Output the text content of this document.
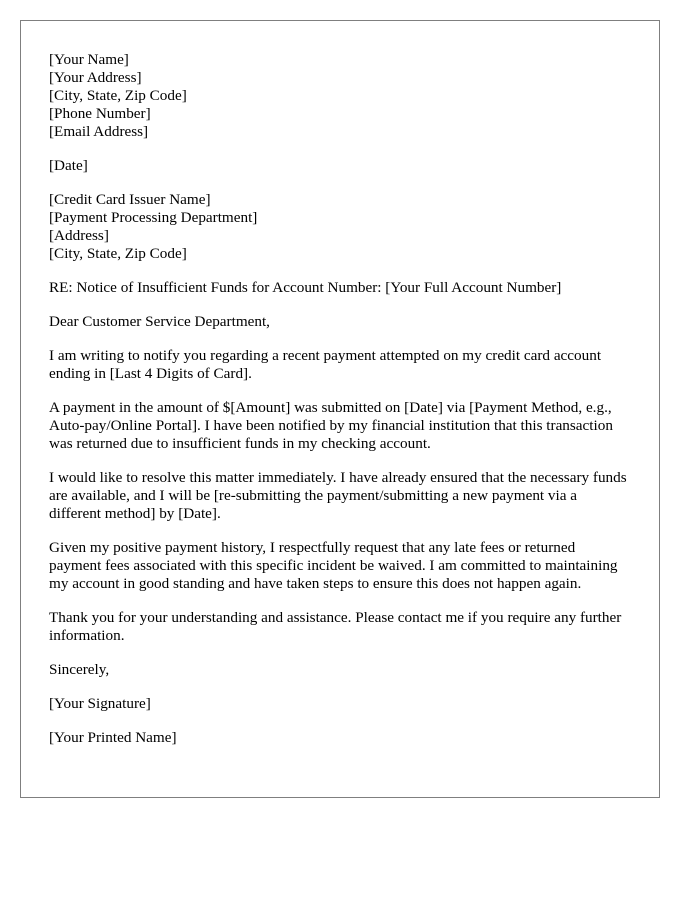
[Your Name]
[Your Address]
[City, State, Zip Code]
[Phone Number]
[Email Address]
[Date]
[Credit Card Issuer Name]
[Payment Processing Department]
[Address]
[City, State, Zip Code]

RE: Notice of Insufficient Funds for Account Number: [Your Full Account Number]

Dear Customer Service Department,

I am writing to notify you regarding a recent payment attempted on my credit card account ending in [Last 4 Digits of Card].

A payment in the amount of $[Amount] was submitted on [Date] via [Payment Method, e.g., Auto-pay/Online Portal]. I have been notified by my financial institution that this transaction was returned due to insufficient funds in my checking account.

I would like to resolve this matter immediately. I have already ensured that the necessary funds are available, and I will be [re-submitting the payment/submitting a new payment via a different method] by [Date].

Given my positive payment history, I respectfully request that any late fees or returned payment fees associated with this specific incident be waived. I am committed to maintaining my account in good standing and have taken steps to ensure this does not happen again.

Thank you for your understanding and assistance. Please contact me if you require any further information.

Sincerely,

[Your Signature]

[Your Printed Name]
